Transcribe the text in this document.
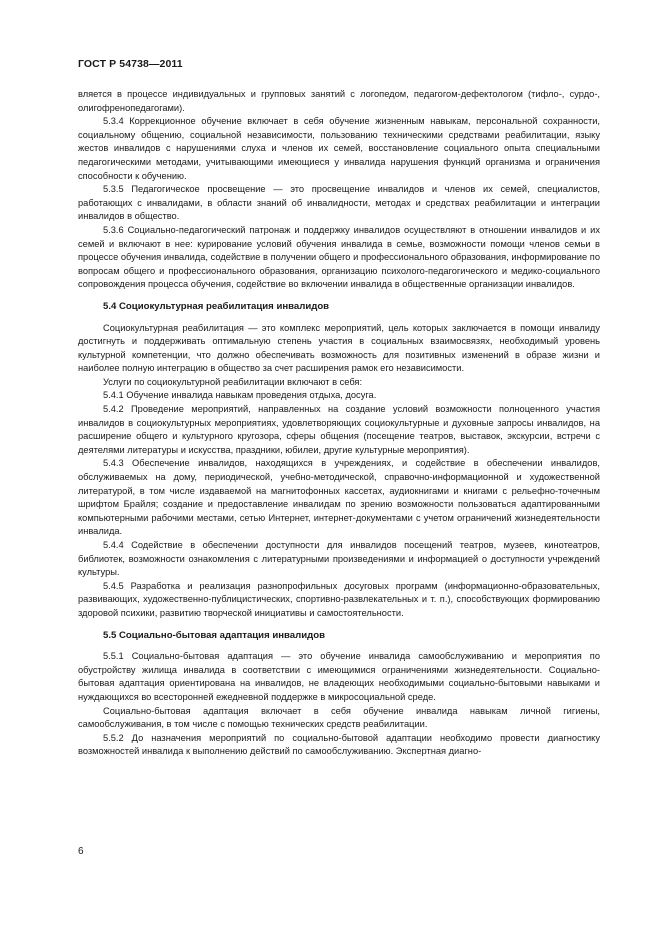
ГОСТ Р 54738—2011

вляется в процессе индивидуальных и групповых занятий с логопедом, педагогом-дефектологом (тифло-, сурдо-, олигофренопедагогами).

5.3.4 Коррекционное обучение включает в себя обучение жизненным навыкам, персональной сохранности, социальному общению, социальной независимости, пользованию техническими средствами реабилитации, языку жестов инвалидов с нарушениями слуха и членов их семей, восстановление социального опыта специальными педагогическими методами, учитывающими имеющиеся у инвалида нарушения функций организма и ограничения способности к обучению.

5.3.5 Педагогическое просвещение — это просвещение инвалидов и членов их семей, специалистов, работающих с инвалидами, в области знаний об инвалидности, методах и средствах реабилитации и интеграции инвалидов в общество.

5.3.6 Социально-педагогический патронаж и поддержку инвалидов осуществляют в отношении инвалидов и их семей и включают в нее: курирование условий обучения инвалида в семье, возможности помощи членов семьи в процессе обучения инвалида, содействие в получении общего и профессионального образования, информирование по вопросам общего и профессионального образования, организацию психолого-педагогического и медико-социального сопровождения процесса обучения, содействие во включении инвалида в общественные организации инвалидов.

5.4 Социокультурная реабилитация инвалидов

Социокультурная реабилитация — это комплекс мероприятий, цель которых заключается в помощи инвалиду достигнуть и поддерживать оптимальную степень участия в социальных взаимосвязях, необходимый уровень культурной компетенции, что должно обеспечивать возможность для позитивных изменений в образе жизни и наиболее полную интеграцию в общество за счет расширения рамок его независимости.

Услуги по социокультурной реабилитации включают в себя:

5.4.1 Обучение инвалида навыкам проведения отдыха, досуга.

5.4.2 Проведение мероприятий, направленных на создание условий возможности полноценного участия инвалидов в социокультурных мероприятиях, удовлетворяющих социокультурные и духовные запросы инвалидов, на расширение общего и культурного кругозора, сферы общения (посещение театров, выставок, экскурсии, встречи с деятелями литературы и искусства, праздники, юбилеи, другие культурные мероприятия).

5.4.3 Обеспечение инвалидов, находящихся в учреждениях, и содействие в обеспечении инвалидов, обслуживаемых на дому, периодической, учебно-методической, справочно-информационной и художественной литературой, в том числе издаваемой на магнитофонных кассетах, аудиокнигами и книгами с рельефно-точечным шрифтом Брайля; создание и предоставление инвалидам по зрению возможности пользоваться адаптированными компьютерными рабочими местами, сетью Интернет, интернет-документами с учетом ограничений жизнедеятельности инвалида.

5.4.4 Содействие в обеспечении доступности для инвалидов посещений театров, музеев, кинотеатров, библиотек, возможности ознакомления с литературными произведениями и информацией о доступности учреждений культуры.

5.4.5 Разработка и реализация разнопрофильных досуговых программ (информационно-образовательных, развивающих, художественно-публицистических, спортивно-развлекательных и т. п.), способствующих формированию здоровой психики, развитию творческой инициативы и самостоятельности.

5.5 Социально-бытовая адаптация инвалидов

5.5.1 Социально-бытовая адаптация — это обучение инвалида самообслуживанию и мероприятия по обустройству жилища инвалида в соответствии с имеющимися ограничениями жизнедеятельности. Социально-бытовая адаптация ориентирована на инвалидов, не владеющих необходимыми социально-бытовыми навыками и нуждающихся во всесторонней ежедневной поддержке в микросоциальной среде.

Социально-бытовая адаптация включает в себя обучение инвалида навыкам личной гигиены, самообслуживания, в том числе с помощью технических средств реабилитации.

5.5.2 До назначения мероприятий по социально-бытовой адаптации необходимо провести диагностику возможностей инвалида к выполнению действий по самообслуживанию. Экспертная диагно-

6
